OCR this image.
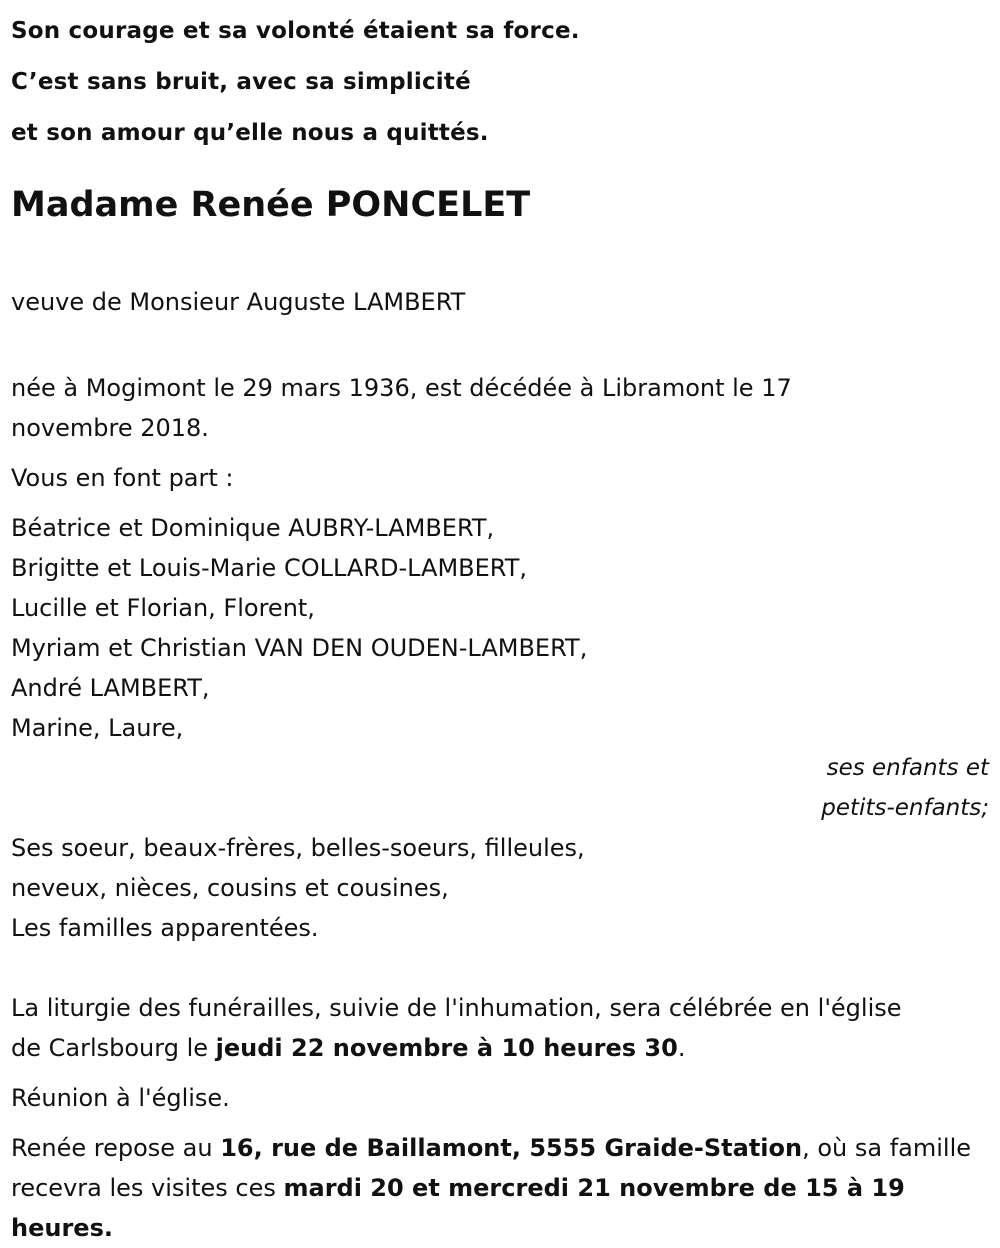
Son courage et sa volonté étaient sa force.

C’est sans bruit, avec sa simplicité

et son amour qu’elle nous a quittés.

Madame Renée PONCELET

veuve de Monsieur Auguste LAMBERT

née à Mogimont le 29 mars 1936, est décédée à Libramont le 17

novembre 2018.

Vous en font part :

Béatrice et Dominique AUBRY-LAMBERT,
Brigitte et Louis-Marie COLLARD-LAMBERT,
Lucille et Florian, Florent,
Myriam et Christian VAN DEN OUDEN-LAMBERT,
André LAMBERT,
Marine, Laure,
ses enfants et
petits-enfants;
Ses soeur, beaux-frères, belles-soeurs, filleules,
neveux, nièces, cousins et cousines,
Les familles apparentées.

La liturgie des funérailles, suivie de l'inhumation, sera célébrée en l'église

de Carlsbourg le jeudi 22 novembre à 10 heures 30.

Réunion à l'église.

Renée repose au 16, rue de Baillamont, 5555 Graide-Station, où sa famille recevra les visites ces mardi 20 et mercredi 21 novembre de 15 à 19 heures.
